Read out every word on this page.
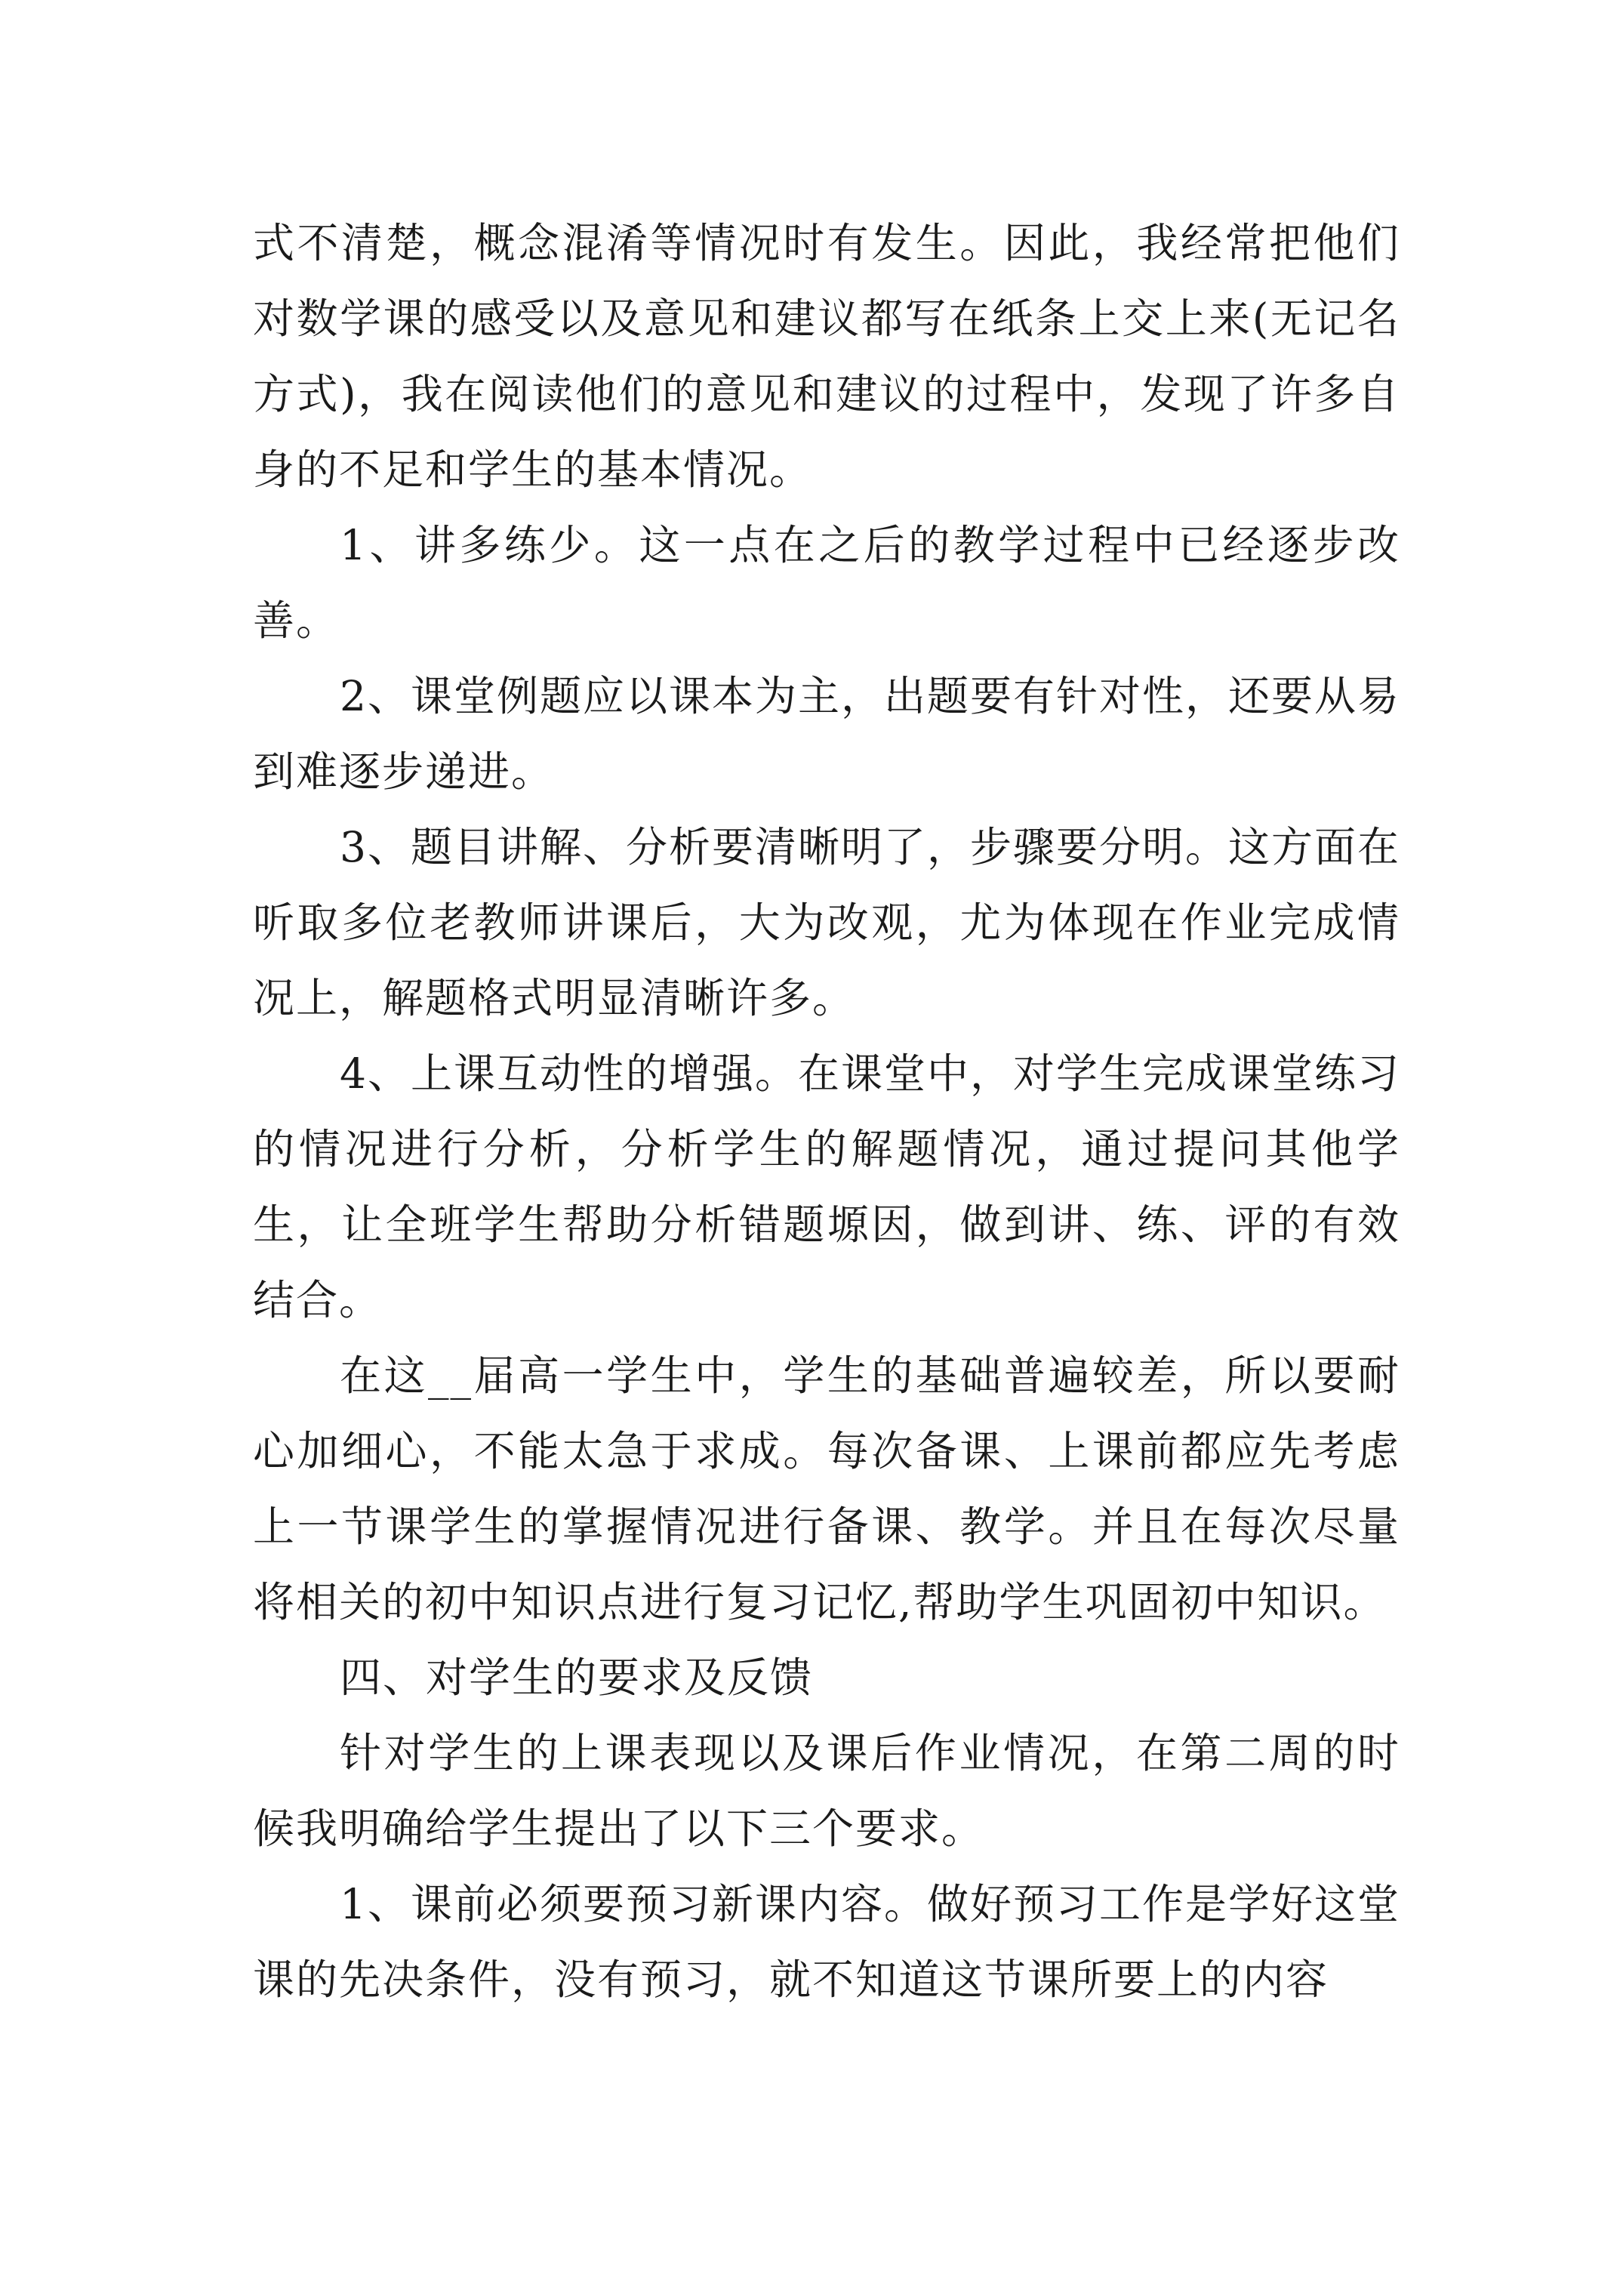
式不清楚，概念混淆等情况时有发生。因此，我经常把他们对数学课的感受以及意见和建议都写在纸条上交上来(无记名方式)，我在阅读他们的意见和建议的过程中，发现了许多自身的不足和学生的基本情况。

1、讲多练少。这一点在之后的教学过程中已经逐步改善。

2、课堂例题应以课本为主，出题要有针对性，还要从易到难逐步递进。

3、题目讲解、分析要清晰明了，步骤要分明。这方面在听取多位老教师讲课后，大为改观，尤为体现在作业完成情况上，解题格式明显清晰许多。

4、上课互动性的增强。在课堂中，对学生完成课堂练习的情况进行分析，分析学生的解题情况，通过提问其他学生，让全班学生帮助分析错题塬因，做到讲、练、评的有效结合。

在这__届高一学生中，学生的基础普遍较差，所以要耐心加细心，不能太急于求成。每次备课、上课前都应先考虑上一节课学生的掌握情况进行备课、教学。并且在每次尽量将相关的初中知识点进行复习记忆,帮助学生巩固初中知识。

四、对学生的要求及反馈

针对学生的上课表现以及课后作业情况，在第二周的时候我明确给学生提出了以下三个要求。

1、课前必须要预习新课内容。做好预习工作是学好这堂课的先决条件，没有预习，就不知道这节课所要上的内容
